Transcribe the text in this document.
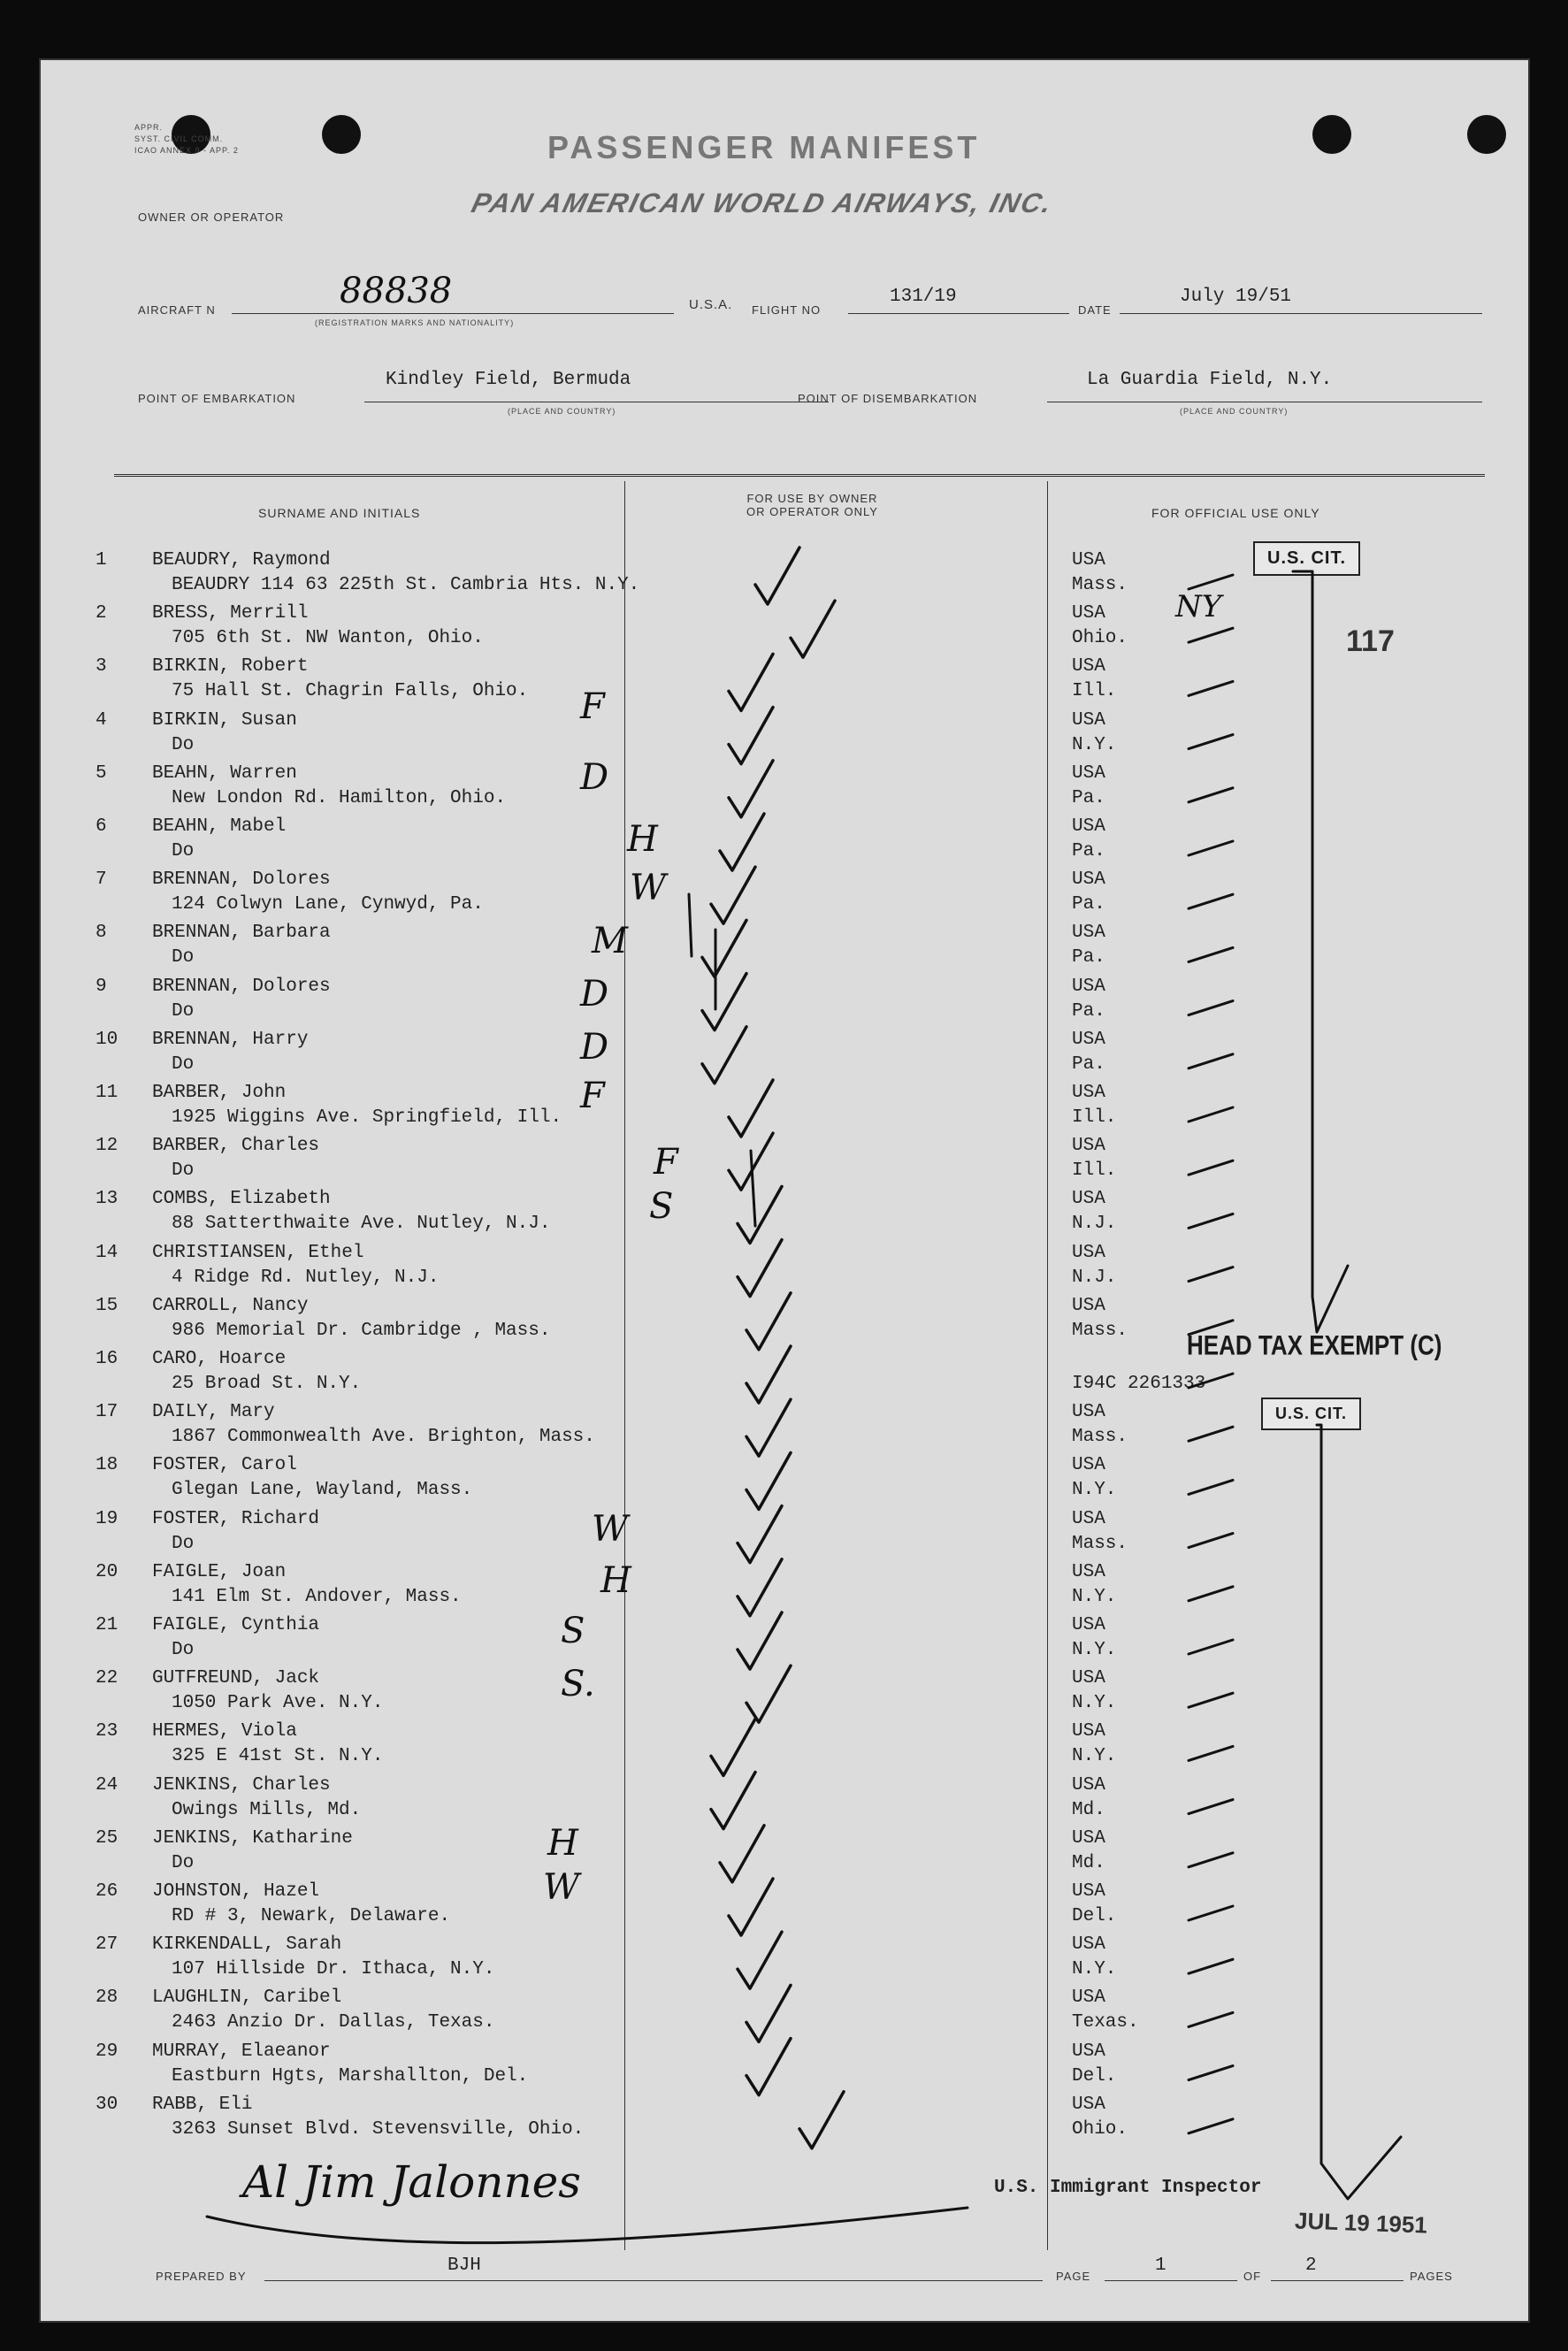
APPR.
SYST. CIVIL COMM.
ICAO ANNEX 9 - APP. 2
OWNER OR OPERATOR
PASSENGER MANIFEST
PAN AMERICAN WORLD AIRWAYS, INC.
AIRCRAFT N	88838
(REGISTRATION MARKS AND NATIONALITY)
U.S.A. FLIGHT NO
131/19
DATE
July 19/51
POINT OF EMBARKATION
Kindley Field, Bermuda
(PLACE AND COUNTRY)
POINT OF DISEMBARKATION
La Guardia Field, N.Y.
(PLACE AND COUNTRY)
SURNAME AND INITIALS
FOR USE BY OWNER
OR OPERATOR ONLY	FOR OFFICIAL USE ONLY
1 BEAUDRY, Raymond
BEAUDRY 114 63 225th St. Cambria Hts. N.Y.
USA
Mass.
2 BRESS, Merrill
705 6th St. NW Wanton, Ohio.
USA
Ohio.
3 BIRKIN, Robert
75 Hall St. Chagrin Falls, Ohio.
USA
Ill.
4 BIRKIN, Susan
Do
USA
N.Y.
5 BEAHN, Warren
New London Rd. Hamilton, Ohio.
USA
Pa.
6 BEAHN, Mabel
Do
USA
Pa.
7 BRENNAN, Dolores
124 Colwyn Lane, Cynwyd, Pa.
USA
Pa.
8 BRENNAN, Barbara
Do
USA
Pa.
9 BRENNAN, Dolores
Do
USA
Pa.
10 BRENNAN, Harry
Do
USA
Pa.
11 BARBER, John
1925 Wiggins Ave. Springfield, Ill.
USA
Ill.
12 BARBER, Charles
Do
USA
Ill.
13 COMBS, Elizabeth
88 Satterthwaite Ave. Nutley, N.J.
USA
N.J.
14 CHRISTIANSEN, Ethel
4 Ridge Rd. Nutley, N.J.
USA
N.J.
15 CARROLL, Nancy
986 Memorial Dr. Cambridge , Mass.
USA
Mass.
16 CARO, Hoarce
25 Broad St. N.Y.	I94C 2261333
17 DAILY, Mary
1867 Commonwealth Ave. Brighton, Mass.
USA
Mass.
18 FOSTER, Carol
Glegan Lane, Wayland, Mass.
USA
N.Y.
19 FOSTER, Richard
Do
USA
Mass.
20 FAIGLE, Joan
141 Elm St. Andover, Mass.
USA
N.Y.
21 FAIGLE, Cynthia
Do
USA
N.Y.
22 GUTFREUND, Jack
1050 Park Ave. N.Y.
USA
N.Y.
23 HERMES, Viola
325 E 41st St. N.Y.
USA
N.Y.
24 JENKINS, Charles
Owings Mills, Md.
USA
Md.
25 JENKINS, Katharine
Do
USA
Md.
26 JOHNSTON, Hazel
RD # 3, Newark, Delaware.
USA
Del.
27 KIRKENDALL, Sarah
107 Hillside Dr. Ithaca, N.Y.
USA
N.Y.
28 LAUGHLIN, Caribel
2463 Anzio Dr. Dallas, Texas.
USA
Texas.
29 MURRAY, Elaeanor
Eastburn Hgts, Marshallton, Del.
USA
Del.
30 RABB, Eli
3263 Sunset Blvd. Stevensville, Ohio.
USA
Ohio.
F
D
H
W
M
D
D
F
F
S
W
H
S
S.
H
W
U.S. CIT.
U.S. CIT.
117
HEAD TAX EXEMPT (C)
NY
Al Jim Jalonnes	U.S. Immigrant Inspector
JUL 19 1951
PREPARED BY
BJH
PAGE
1
OF
2
PAGES
